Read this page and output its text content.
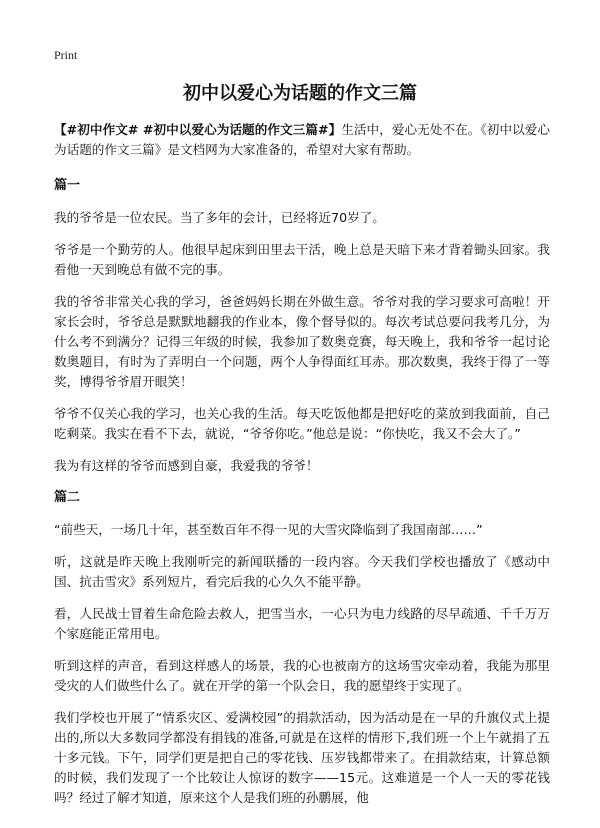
Print
初中以爱心为话题的作文三篇

【#初中作文# #初中以爱心为话题的作文三篇#】生活中，爱心无处不在。《初中以爱心为话题的作文三篇》是文档网为大家准备的，希望对大家有帮助。

篇一

我的爷爷是一位农民。当了多年的会计，已经将近70岁了。

爷爷是一个勤劳的人。他很早起床到田里去干活，晚上总是天暗下来才背着锄头回家。我看他一天到晚总有做不完的事。

我的爷爷非常关心我的学习，爸爸妈妈长期在外做生意。爷爷对我的学习要求可高啦！开家长会时，爷爷总是默默地翻我的作业本，像个督导似的。每次考试总要问我考几分，为什么考不到满分？记得三年级的时候，我参加了数奥竞赛，每天晚上，我和爷爷一起讨论数奥题目，有时为了弄明白一个问题，两个人争得面红耳赤。那次数奥，我终于得了一等奖，博得爷爷眉开眼笑！

爷爷不仅关心我的学习，也关心我的生活。每天吃饭他都是把好吃的菜放到我面前，自己吃剩菜。我实在看不下去，就说，“爷爷你吃。”他总是说：“你快吃，我又不会大了。”

我为有这样的爷爷而感到自豪，我爱我的爷爷！

篇二

“前些天，一场几十年，甚至数百年不得一见的大雪灾降临到了我国南部……”

听，这就是昨天晚上我刚听完的新闻联播的一段内容。今天我们学校也播放了《感动中国、抗击雪灾》系列短片，看完后我的心久久不能平静。

看，人民战士冒着生命危险去救人，把雪当水，一心只为电力线路的尽早疏通、千千万万个家庭能正常用电。

听到这样的声音，看到这样感人的场景，我的心也被南方的这场雪灾牵动着，我能为那里受灾的人们做些什么了。就在开学的第一个队会日，我的愿望终于实现了。

我们学校也开展了“情系灾区、爱满校园”的捐款活动，因为活动是在一早的升旗仪式上提出的,所以大多数同学都没有捐钱的准备,可就是在这样的情形下,我们班一个上午就捐了五十多元钱。下午，同学们更是把自己的零花钱、压岁钱都带来了。在捐款结束，计算总额的时候，我们发现了一个比较让人惊讶的数字——15元。这难道是一个人一天的零花钱吗？经过了解才知道，原来这个人是我们班的孙鹏展，他
